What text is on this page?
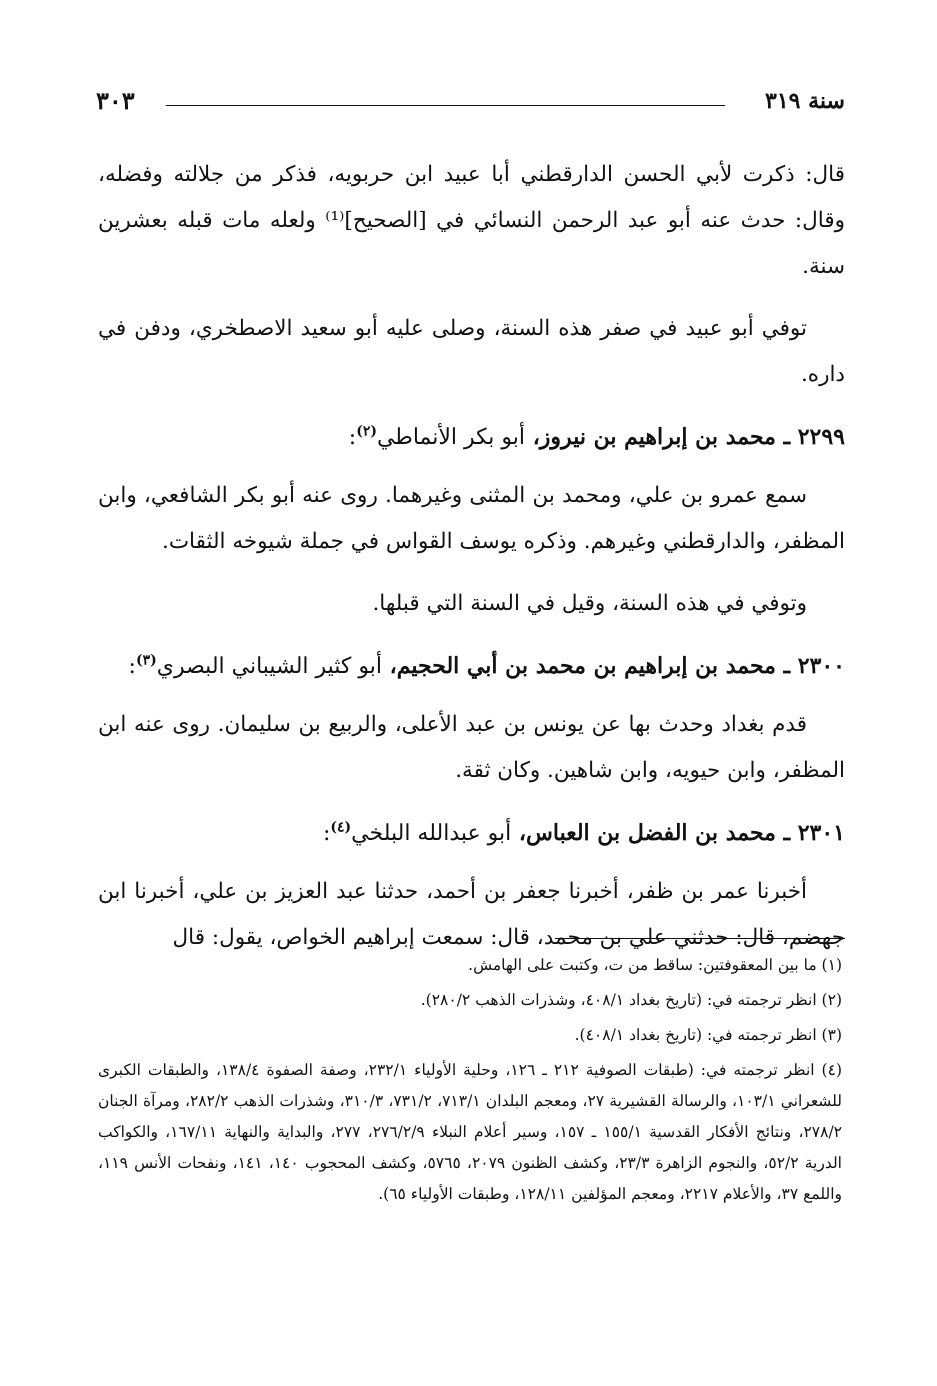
سنة ٣١٩
٣٠٣

قال: ذكرت لأبي الحسن الدارقطني أبا عبيد ابن حربويه، فذكر من جلالته وفضله، وقال: حدث عنه أبو عبد الرحمن النسائي في [الصحيح]⁽¹⁾ ولعله مات قبله بعشرين سنة.

توفي أبو عبيد في صفر هذه السنة، وصلى عليه أبو سعيد الاصطخري، ودفن في داره.

٢٢٩٩ ـ محمد بن إبراهيم بن نيروز، أبو بكر الأنماطي$^{(٢)}$:

سمع عمرو بن علي، ومحمد بن المثنى وغيرهما. روى عنه أبو بكر الشافعي، وابن المظفر، والدارقطني وغيرهم. وذكره يوسف القواس في جملة شيوخه الثقات.

وتوفي في هذه السنة، وقيل في السنة التي قبلها.

٢٣٠٠ ـ محمد بن إبراهيم بن محمد بن أبي الحجيم، أبو كثير الشيباني البصري$^{(٣)}$:

قدم بغداد وحدث بها عن يونس بن عبد الأعلى، والربيع بن سليمان. روى عنه ابن المظفر، وابن حيويه، وابن شاهين. وكان ثقة.

٢٣٠١ ـ محمد بن الفضل بن العباس، أبو عبدالله البلخي$^{(٤)}$:

أخبرنا عمر بن ظفر، أخبرنا جعفر بن أحمد، حدثنا عبد العزيز بن علي، أخبرنا ابن جهضم، قال: حدثني علي بن محمد، قال: سمعت إبراهيم الخواص، يقول: قال

(١) ما بين المعقوفتين: ساقط من ت، وكتبت على الهامش.

(٢) انظر ترجمته في: (تاريخ بغداد ٤٠٨/١، وشذرات الذهب ٢٨٠/٢).

(٣) انظر ترجمته في: (تاريخ بغداد ٤٠٨/١).

(٤) انظر ترجمته في: (طبقات الصوفية ٢١٢ ـ ١٢٦، وحلية الأولياء ٢٣٢/١، وصفة الصفوة ١٣٨/٤، والطبقات الكبرى للشعراني ١٠٣/١، والرسالة القشيرية ٢٧، ومعجم البلدان ٧١٣/١، ٧٣١/٢، ٣١٠/٣، وشذرات الذهب ٢٨٢/٢، ومرآة الجنان ٢٧٨/٢، ونتائج الأفكار القدسية ١٥٥/١ ـ ١٥٧، وسير أعلام النبلاء ٢٧٦/٢/٩، ٢٧٧، والبداية والنهاية ١٦٧/١١، والكواكب الدرية ٥٢/٢، والنجوم الزاهرة ٢٣/٣، وكشف الظنون ٢٠٧٩، ٥٧٦٥، وكشف المحجوب ١٤٠، ١٤١، ونفحات الأنس ١١٩، واللمع ٣٧، والأعلام ٢٢١٧، ومعجم المؤلفين ١٢٨/١١، وطبقات الأولياء ٦٥).
